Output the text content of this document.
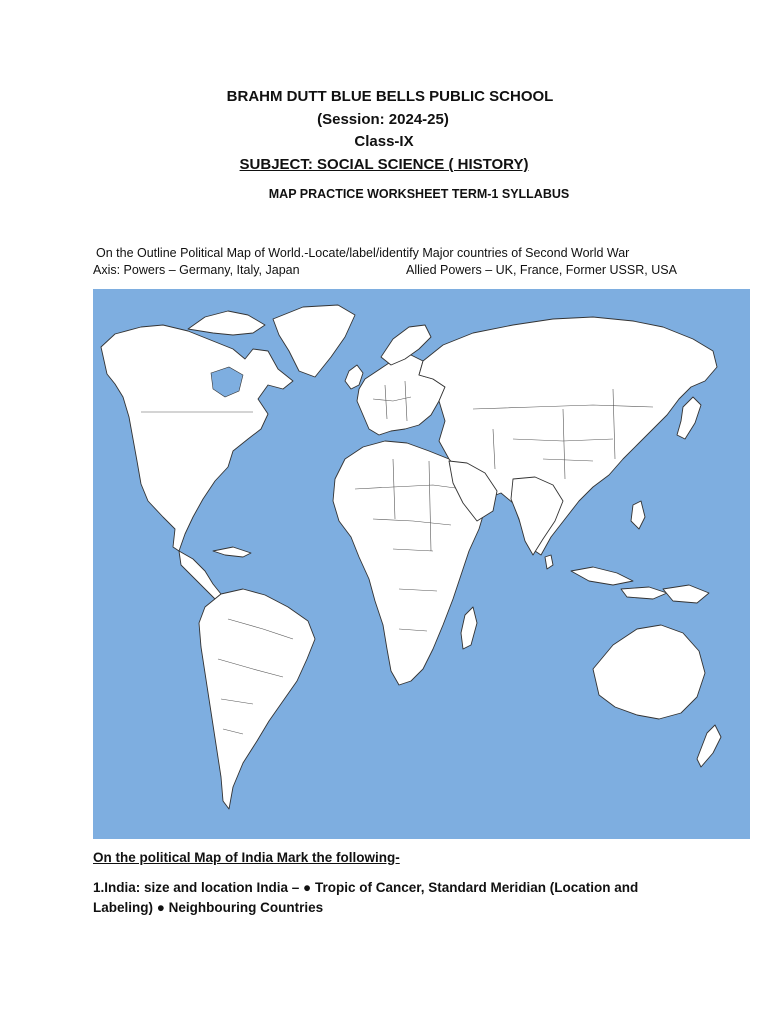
BRAHM DUTT BLUE BELLS PUBLIC SCHOOL
(Session: 2024-25)
Class-IX
SUBJECT: SOCIAL SCIENCE ( HISTORY)
MAP PRACTICE WORKSHEET TERM-1 SYLLABUS
On the Outline Political Map of World.-Locate/label/identify Major countries of Second World War
Axis: Powers – Germany, Italy, Japan	Allied Powers – UK, France, Former USSR, USA
On the political Map of India Mark the following-
1.India: size and location India – ● Tropic of Cancer, Standard Meridian (Location and Labeling) ● Neighbouring Countries
